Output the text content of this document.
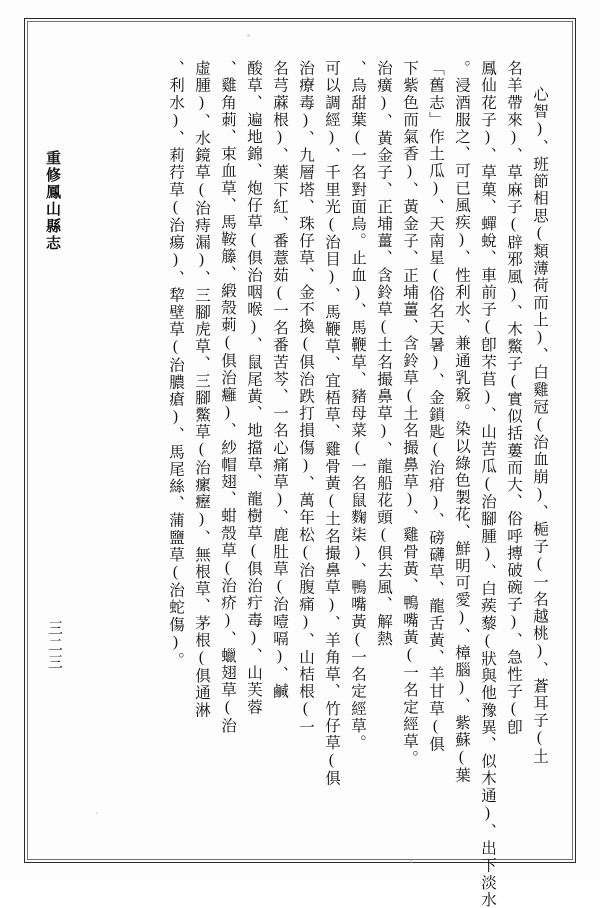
重修鳳山縣志
三二三	心智)、班節相思(類薄荷而上)、白雞冠(治血崩)、梔子(一名越桃)、蒼耳子(土
名羊帶來)、草麻子(辟邪風)、木鱉子(實似括蔞而大、俗呼摶破碗子)、急性子(卽
鳳仙花子)、草菓、蟬蛻、車前子(卽芣苢)、山苦瓜(治腳腫)、白蒺藜(狀與他豫異、似木通)、出下淡水
。浸酒服之、可已風疾)、性利水、兼通乳竅。染以綠色製花、鮮明可愛)、樟腦)、紫蘇(葉
「舊志」作土瓜)、天南星(俗名天暑)、金鎖匙(治疳)、磅礴草、龍舌黃、羊甘草(俱
下紫色而氣香)、黃金子、正埔薑、含鈴草(土名撮鼻草)、雞骨黃、鴨嘴黃(一名定經草。
治癀)、黃金子、正埔薑、含鈴草(土名撮鼻草)、龍船花頭(俱去風、解熱
、烏甜葉(一名對面烏。止血)、馬鞭草、豬母菜(一名鼠麴柒)、鴨嘴黃(一名定經草。
可以調經)、千里光(治目)、馬鞭草、宜梧草、雞骨黃(土名撮鼻草)、羊角草、竹仔草(俱
治療毒)、九層塔、珠仔草、金不換(俱治跌打損傷)、萬年松(治腹痛)、山桔根(一
名芎蔴根)、葉下紅、番薏茹(一名番苦芩、一名心痛草)、鹿肚草(治噎嗝)、鹹
酸草、遍地錦、炮仔草(俱治咽喉)、鼠尾黃、地擋草、龍樹草(俱治疔毒)、山芙蓉
、雞角莿、束血草、馬鞍籐、緞殼莿(俱治癰)、紗帽翅、蚶殼草(治疥)、蠟翅草(治
虛腫)、水鏡草(治痔漏)、三腳虎草、三腳鱉草(治瘰癧)、無根草、茅根(俱通淋
、利水)、莉荇草(治瘍)、犂壁草(治膿瘡)、馬尾絲、蒲鹽草(治蛇傷)。
